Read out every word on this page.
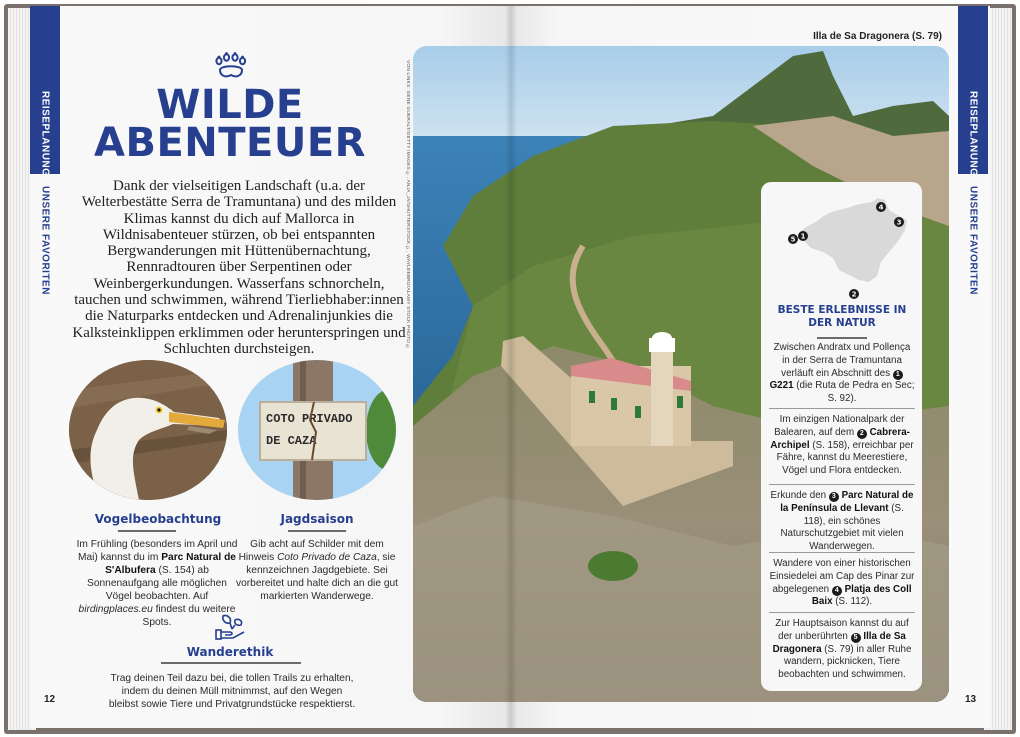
REISEPLANUNG
UNSERE FAVORITEN
WILDE
ABENTEUER
Dank der vielseitigen Landschaft (u.a. der Welterbestätte Serra de Tramuntana) und des milden Klimas kannst du dich auf Mallorca in Wildnisabenteuer stürzen, ob bei entspannten Bergwanderungen mit Hüttenübernachtung, Rennradtouren über Serpentinen oder Weinbergerkundungen. Wasserfans schnorcheln, tauchen und schwimmen, während Tierliebhaber:innen die Naturparks entdecken und Adrenalinjunkies die Kalksteinklippen erklimmen oder herunterspringen und Schluchten durchsteigen.
COTO PRIVADO
DE CAZA
Vogelbeobachtung
Im Frühling (besonders im April und Mai) kannst du im Parc Natural de S'Albufera (S. 154) ab Sonnenaufgang alle möglichen Vögel beobachten. Auf birdingplaces.eu findest du weitere Spots.
Jagdsaison
Gib acht auf Schilder mit dem Hinweis Coto Privado de Caza, sie kennzeichnen Jagdgebiete. Sei vorbereitet und halte dich an die gut markierten Wanderwege.
Wanderethik
Trag deinen Teil dazu bei, die tollen Trails zu erhalten, indem du deinen Müll mitnimmst, auf den Wegen bleibst sowie Tiere und Privatgrundstücke respektierst.
12
VON LINKS: GENE GUERALT/GETTY IMAGES ©, ANJA_JÄ/SHUTTERSTOCK ©, WAYLEEBRO/ALAMY STOCK PHOTO ©
Illa de Sa Dragonera (S. 79)
1
5
4
3
2
BESTE ERLEBNISSE IN DER NATUR
Zwischen Andratx und Pollença in der Serra de Tramuntana verläuft ein Abschnitt des 1 G221 (die Ruta de Pedra en Sec; S. 92).
Im einzigen Nationalpark der Balearen, auf dem 2 Cabrera-Archipel (S. 158), erreichbar per Fähre, kannst du Meerestiere, Vögel und Flora entdecken.
Erkunde den 3 Parc Natural de la Península de Llevant (S. 118), ein schönes Naturschutzgebiet mit vielen Wanderwegen.
Wandere von einer historischen Einsiedelei am Cap des Pinar zur abgelegenen 4 Platja des Coll Baix (S. 112).
Zur Hauptsaison kannst du auf der unberührten 5 Illa de Sa Dragonera (S. 79) in aller Ruhe wandern, picknicken, Tiere beobachten und schwimmen.
REISEPLANUNG
UNSERE FAVORITEN
13
